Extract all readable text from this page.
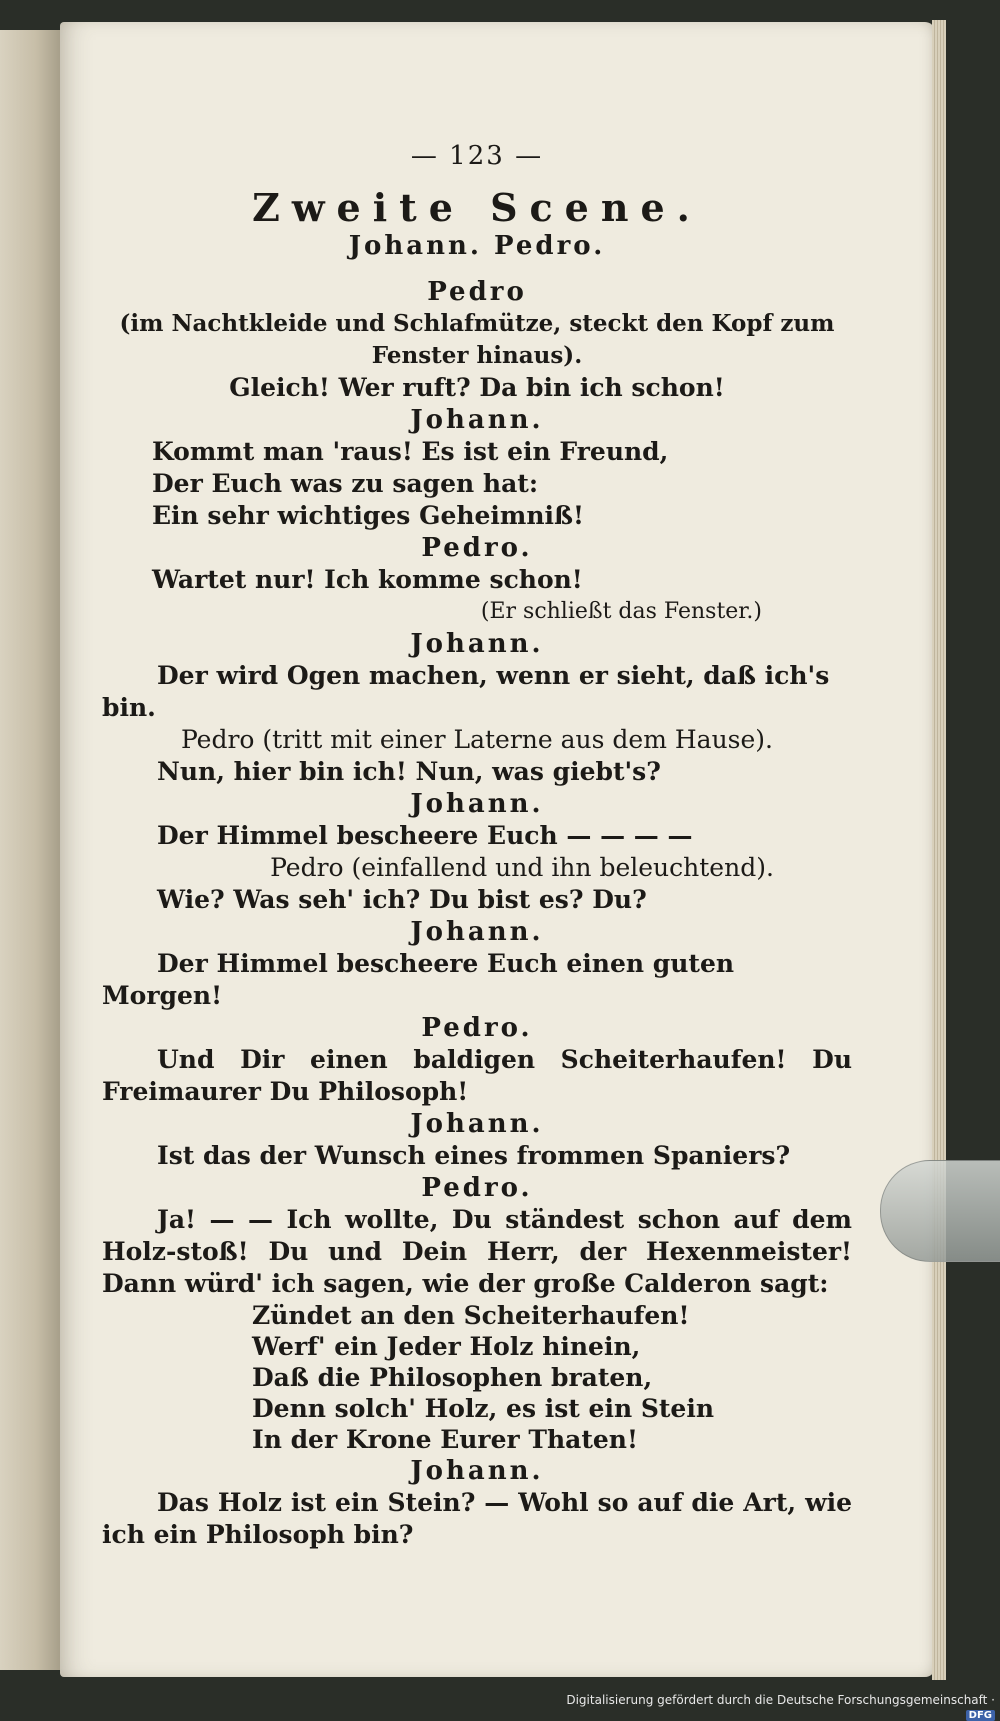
— 123 —
Zweite Scene.
Johann. Pedro.
Pedro
(im Nachtkleide und Schlafmütze, steckt den Kopf zum Fenster hinaus).
Gleich! Wer ruft? Da bin ich schon!
Johann.
Kommt man 'raus! Es ist ein Freund,
Der Euch was zu sagen hat:
Ein sehr wichtiges Geheimniß!
Pedro.
Wartet nur! Ich komme schon!
(Er schließt das Fenster.)
Johann.
Der wird Ogen machen, wenn er sieht, daß ich's bin.
Pedro (tritt mit einer Laterne aus dem Hause).
Nun, hier bin ich! Nun, was giebt's?
Johann.
Der Himmel bescheere Euch — — — —
Pedro (einfallend und ihn beleuchtend).
Wie? Was seh' ich? Du bist es? Du?
Johann.
Der Himmel bescheere Euch einen guten Morgen!
Pedro.
Und Dir einen baldigen Scheiterhaufen! Du Freimaurer Du Philosoph!
Johann.
Ist das der Wunsch eines frommen Spaniers?
Pedro.
Ja! — — Ich wollte, Du ständest schon auf dem Holz-stoß! Du und Dein Herr, der Hexenmeister! Dann würd' ich sagen, wie der große Calderon sagt:
Zündet an den Scheiterhaufen!
Werf' ein Jeder Holz hinein,
Daß die Philosophen braten,
Denn solch' Holz, es ist ein Stein
In der Krone Eurer Thaten!
Johann.
Das Holz ist ein Stein? — Wohl so auf die Art, wie ich ein Philosoph bin?
Digitalisierung gefördert durch die Deutsche Forschungsgemeinschaft ·DFG
